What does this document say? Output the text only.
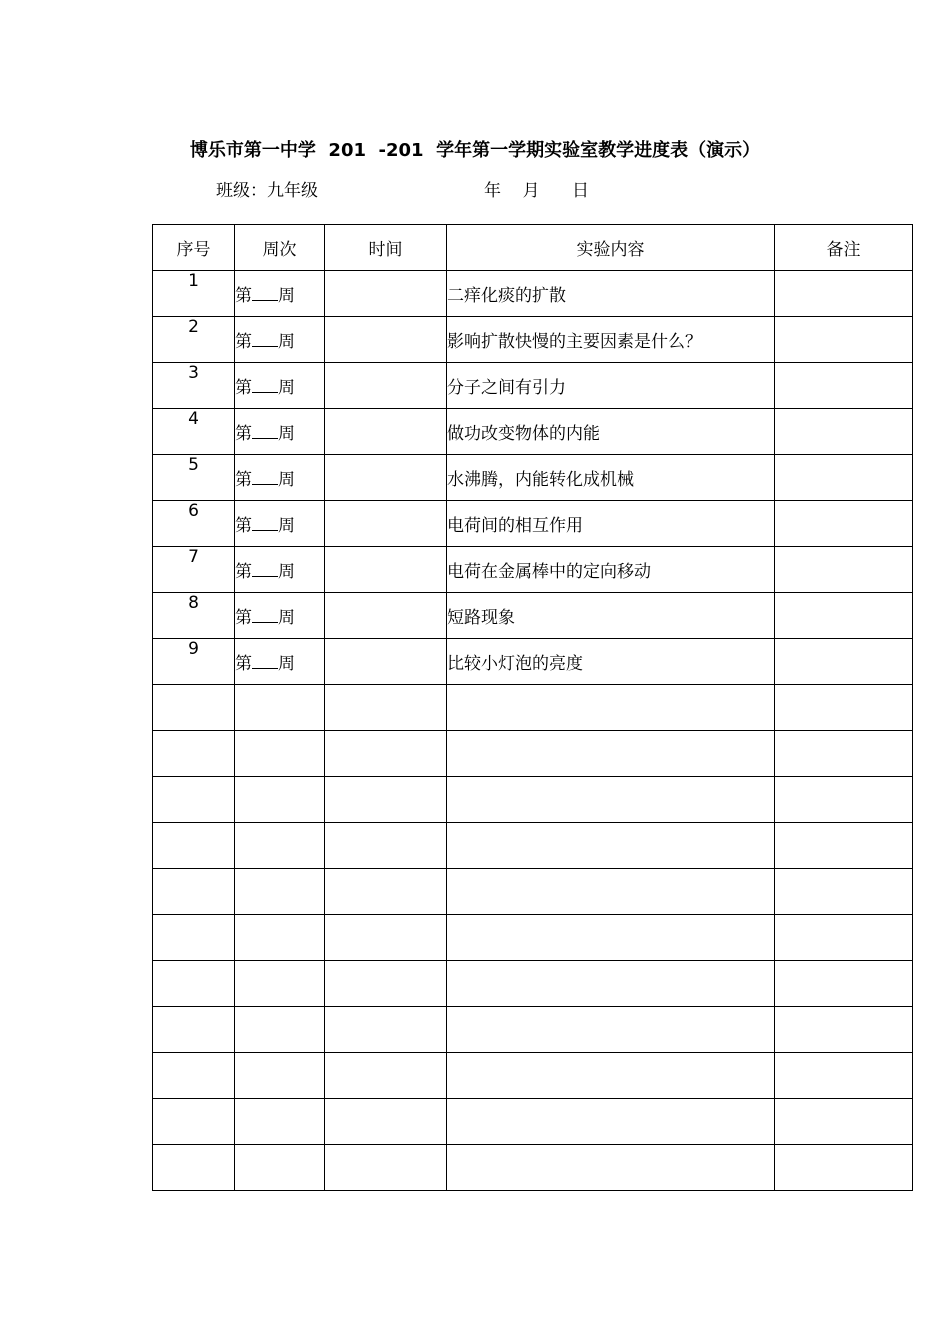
博乐市第一中学  201  -201  学年第一学期实验室教学进度表（演示）
班级：九年级	年    月      日
序号	周次	时间	实验内容	备注
1	第 周		二痒化痰的扩散	
2	第 周		影响扩散快慢的主要因素是什么？	
3	第 周		分子之间有引力	
4	第 周		做功改变物体的内能	
5	第 周		水沸腾，内能转化成机械	
6	第 周		电荷间的相互作用	
7	第 周		电荷在金属棒中的定向移动	
8	第 周		短路现象	
9	第 周		比较小灯泡的亮度	
